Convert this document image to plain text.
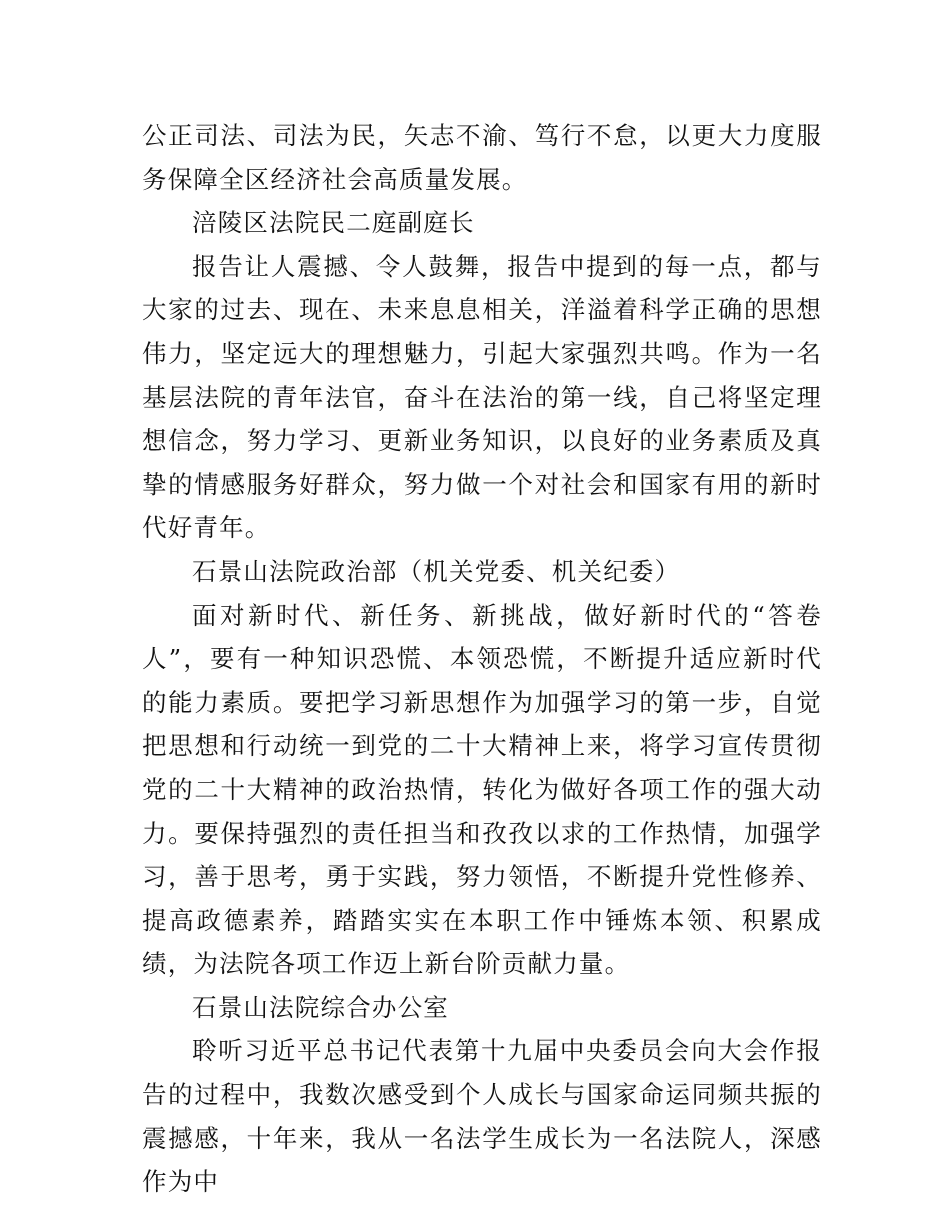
公正司法、司法为民，矢志不渝、笃行不怠，以更大力度服务保障全区经济社会高质量发展。

涪陵区法院民二庭副庭长

报告让人震撼、令人鼓舞，报告中提到的每一点，都与大家的过去、现在、未来息息相关，洋溢着科学正确的思想伟力，坚定远大的理想魅力，引起大家强烈共鸣。作为一名基层法院的青年法官，奋斗在法治的第一线，自己将坚定理想信念，努力学习、更新业务知识，以良好的业务素质及真挚的情感服务好群众，努力做一个对社会和国家有用的新时代好青年。

石景山法院政治部（机关党委、机关纪委）

面对新时代、新任务、新挑战，做好新时代的“答卷人”，要有一种知识恐慌、本领恐慌，不断提升适应新时代的能力素质。要把学习新思想作为加强学习的第一步，自觉把思想和行动统一到党的二十大精神上来，将学习宣传贯彻党的二十大精神的政治热情，转化为做好各项工作的强大动力。要保持强烈的责任担当和孜孜以求的工作热情，加强学习，善于思考，勇于实践，努力领悟，不断提升党性修养、提高政德素养，踏踏实实在本职工作中锤炼本领、积累成绩，为法院各项工作迈上新台阶贡献力量。

石景山法院综合办公室

聆听习近平总书记代表第十九届中央委员会向大会作报告的过程中，我数次感受到个人成长与国家命运同频共振的震撼感，十年来，我从一名法学生成长为一名法院人，深感作为中
